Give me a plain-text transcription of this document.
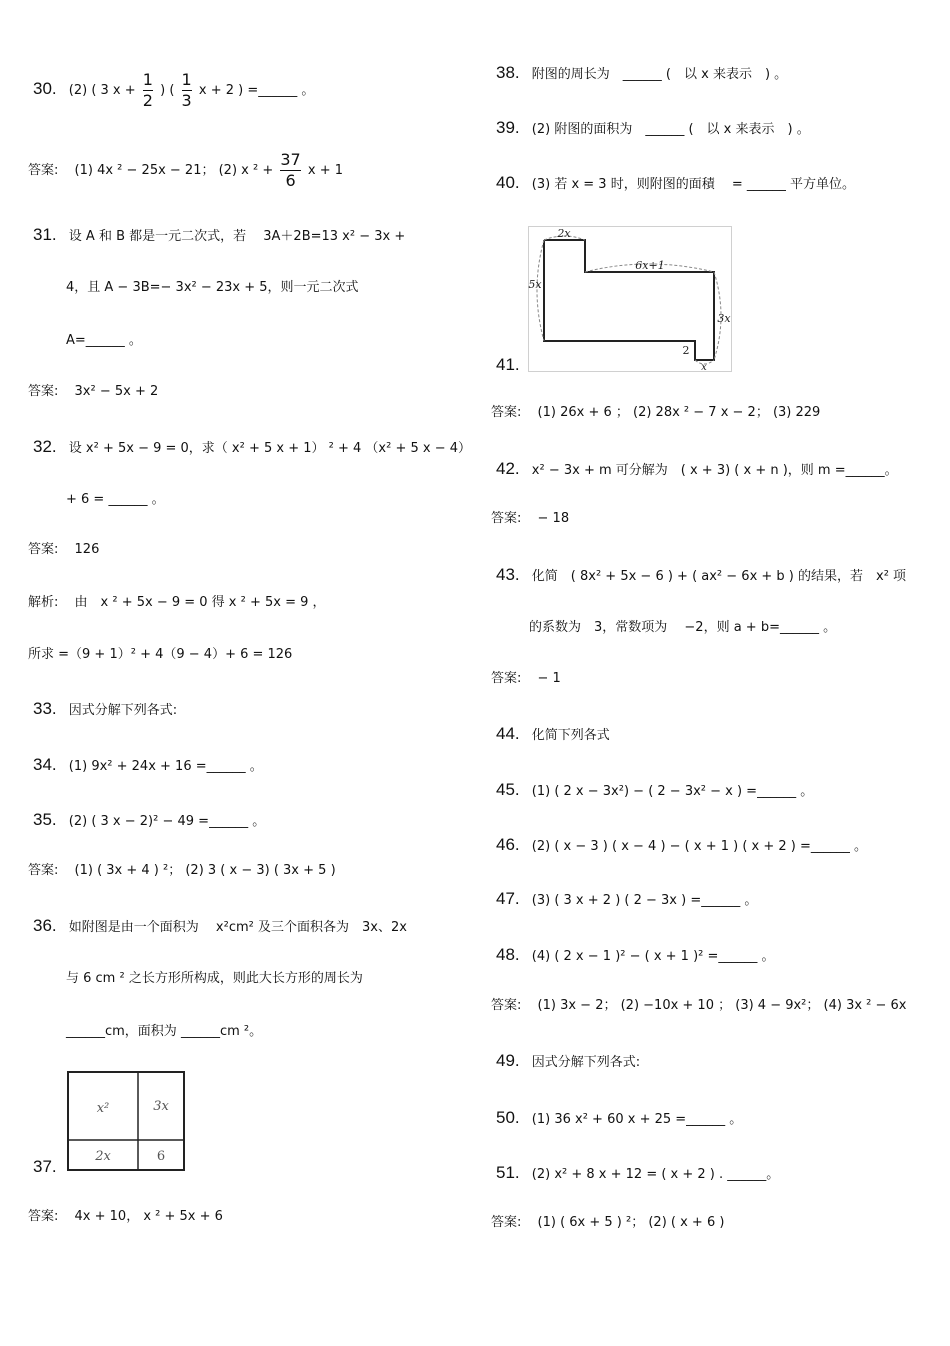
30. (2) ( 3 $x + \frac{1}{2}$ ) ( $\frac{1}{3}$ x + 2 ) =______ 。
答案: (1) 4x ² − 25x − 21； (2) x $^2 + \frac{37}{6}$ x + 1
31. 设 A 和 B 都是一元二次式，若　 3A＋2B=13 x² − 3x +
4，且 A − 3B=− 3x² − 23x + 5，则一元二次式
A=______ 。
答案: 3x² − 5x + 2
32. 设 x² + 5x − 9 = 0，求（ x² + 5 x + 1） ² + 4 （x² + 5 x − 4）
+ 6 = ______ 。
答案: 126
解析: 由　x ² + 5x − 9 = 0 得 x ² + 5x = 9 ，
所求 =（9 + 1）² + 4（9 − 4）+ 6 = 126
33. 因式分解下列各式:
34. (1) 9x² + 24x + 16 =______ 。
35. (2) ( 3 x − 2)² − 49 =______ 。
答案: (1) ( 3x + 4 ) ²； (2) 3 ( x − 3) ( 3x + 5 )
36. 如附图是由一个面积为　 x²cm² 及三个面积各为　3x、2x
与 6 cm ² 之长方形所构成，则此大长方形的周长为
______cm，面积为 ______cm ²。
37.
x²	3x
2x	6
答案: 4x + 10， x ² + 5x + 6
38. 附图的周长为　______ (　以 x 来表示　) 。
39. (2) 附图的面积为　______ (　以 x 来表示　) 。
40. (3) 若 x = 3 时，则附图的面積　 = ______ 平方单位。
2x
5x
6x+1
3x
2
x
41.
答案: (1) 26x + 6 ； (2) 28x ² − 7 x − 2； (3) 229
42. x² − 3x + m 可分解为　( x + 3) ( x + n )，则 m =______。
答案: − 18
43. 化简　( 8x² + 5x − 6 ) + ( ax² − 6x + b ) 的结果，若　x² 项
的系数为　3，常数项为　 −2，则 a + b=______ 。
答案: − 1
44. 化简下列各式
45. (1) ( 2 x − 3x²) − ( 2 − 3x² − x ) =______ 。
46. (2) ( x − 3 ) ( x − 4 ) − ( x + 1 ) ( x + 2 ) =______ 。
47. (3) ( 3 x + 2 ) ( 2 − 3x ) =______ 。
48. (4) ( 2 x − 1 )² − ( x + 1 )² =______ 。
答案: (1) 3x − 2； (2) −10x + 10 ； (3) 4 − 9x²； (4) 3x ² − 6x
49. 因式分解下列各式:
50. (1) 36 x² + 60 x + 25 =______ 。
51. (2) x² + 8 x + 12 = ( x + 2 ) . ______。
答案: (1) ( 6x + 5 ) ²； (2) ( x + 6 )
